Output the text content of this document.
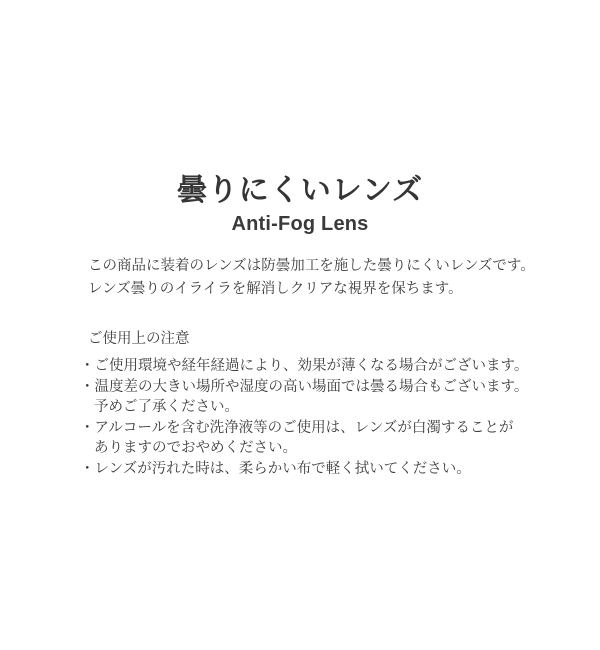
曇りにくいレンズ
Anti-Fog Lens

この商品に装着のレンズは防曇加工を施した曇りにくいレンズです。
レンズ曇りのイライラを解消しクリアな視界を保ちます。

ご使用上の注意
・ご使用環境や経年経過により、効果が薄くなる場合がございます。
・温度差の大きい場所や湿度の高い場面では曇る場合もございます。
予めご了承ください。
・アルコールを含む洗浄液等のご使用は、レンズが白濁することが
ありますのでおやめください。
・レンズが汚れた時は、柔らかい布で軽く拭いてください。
